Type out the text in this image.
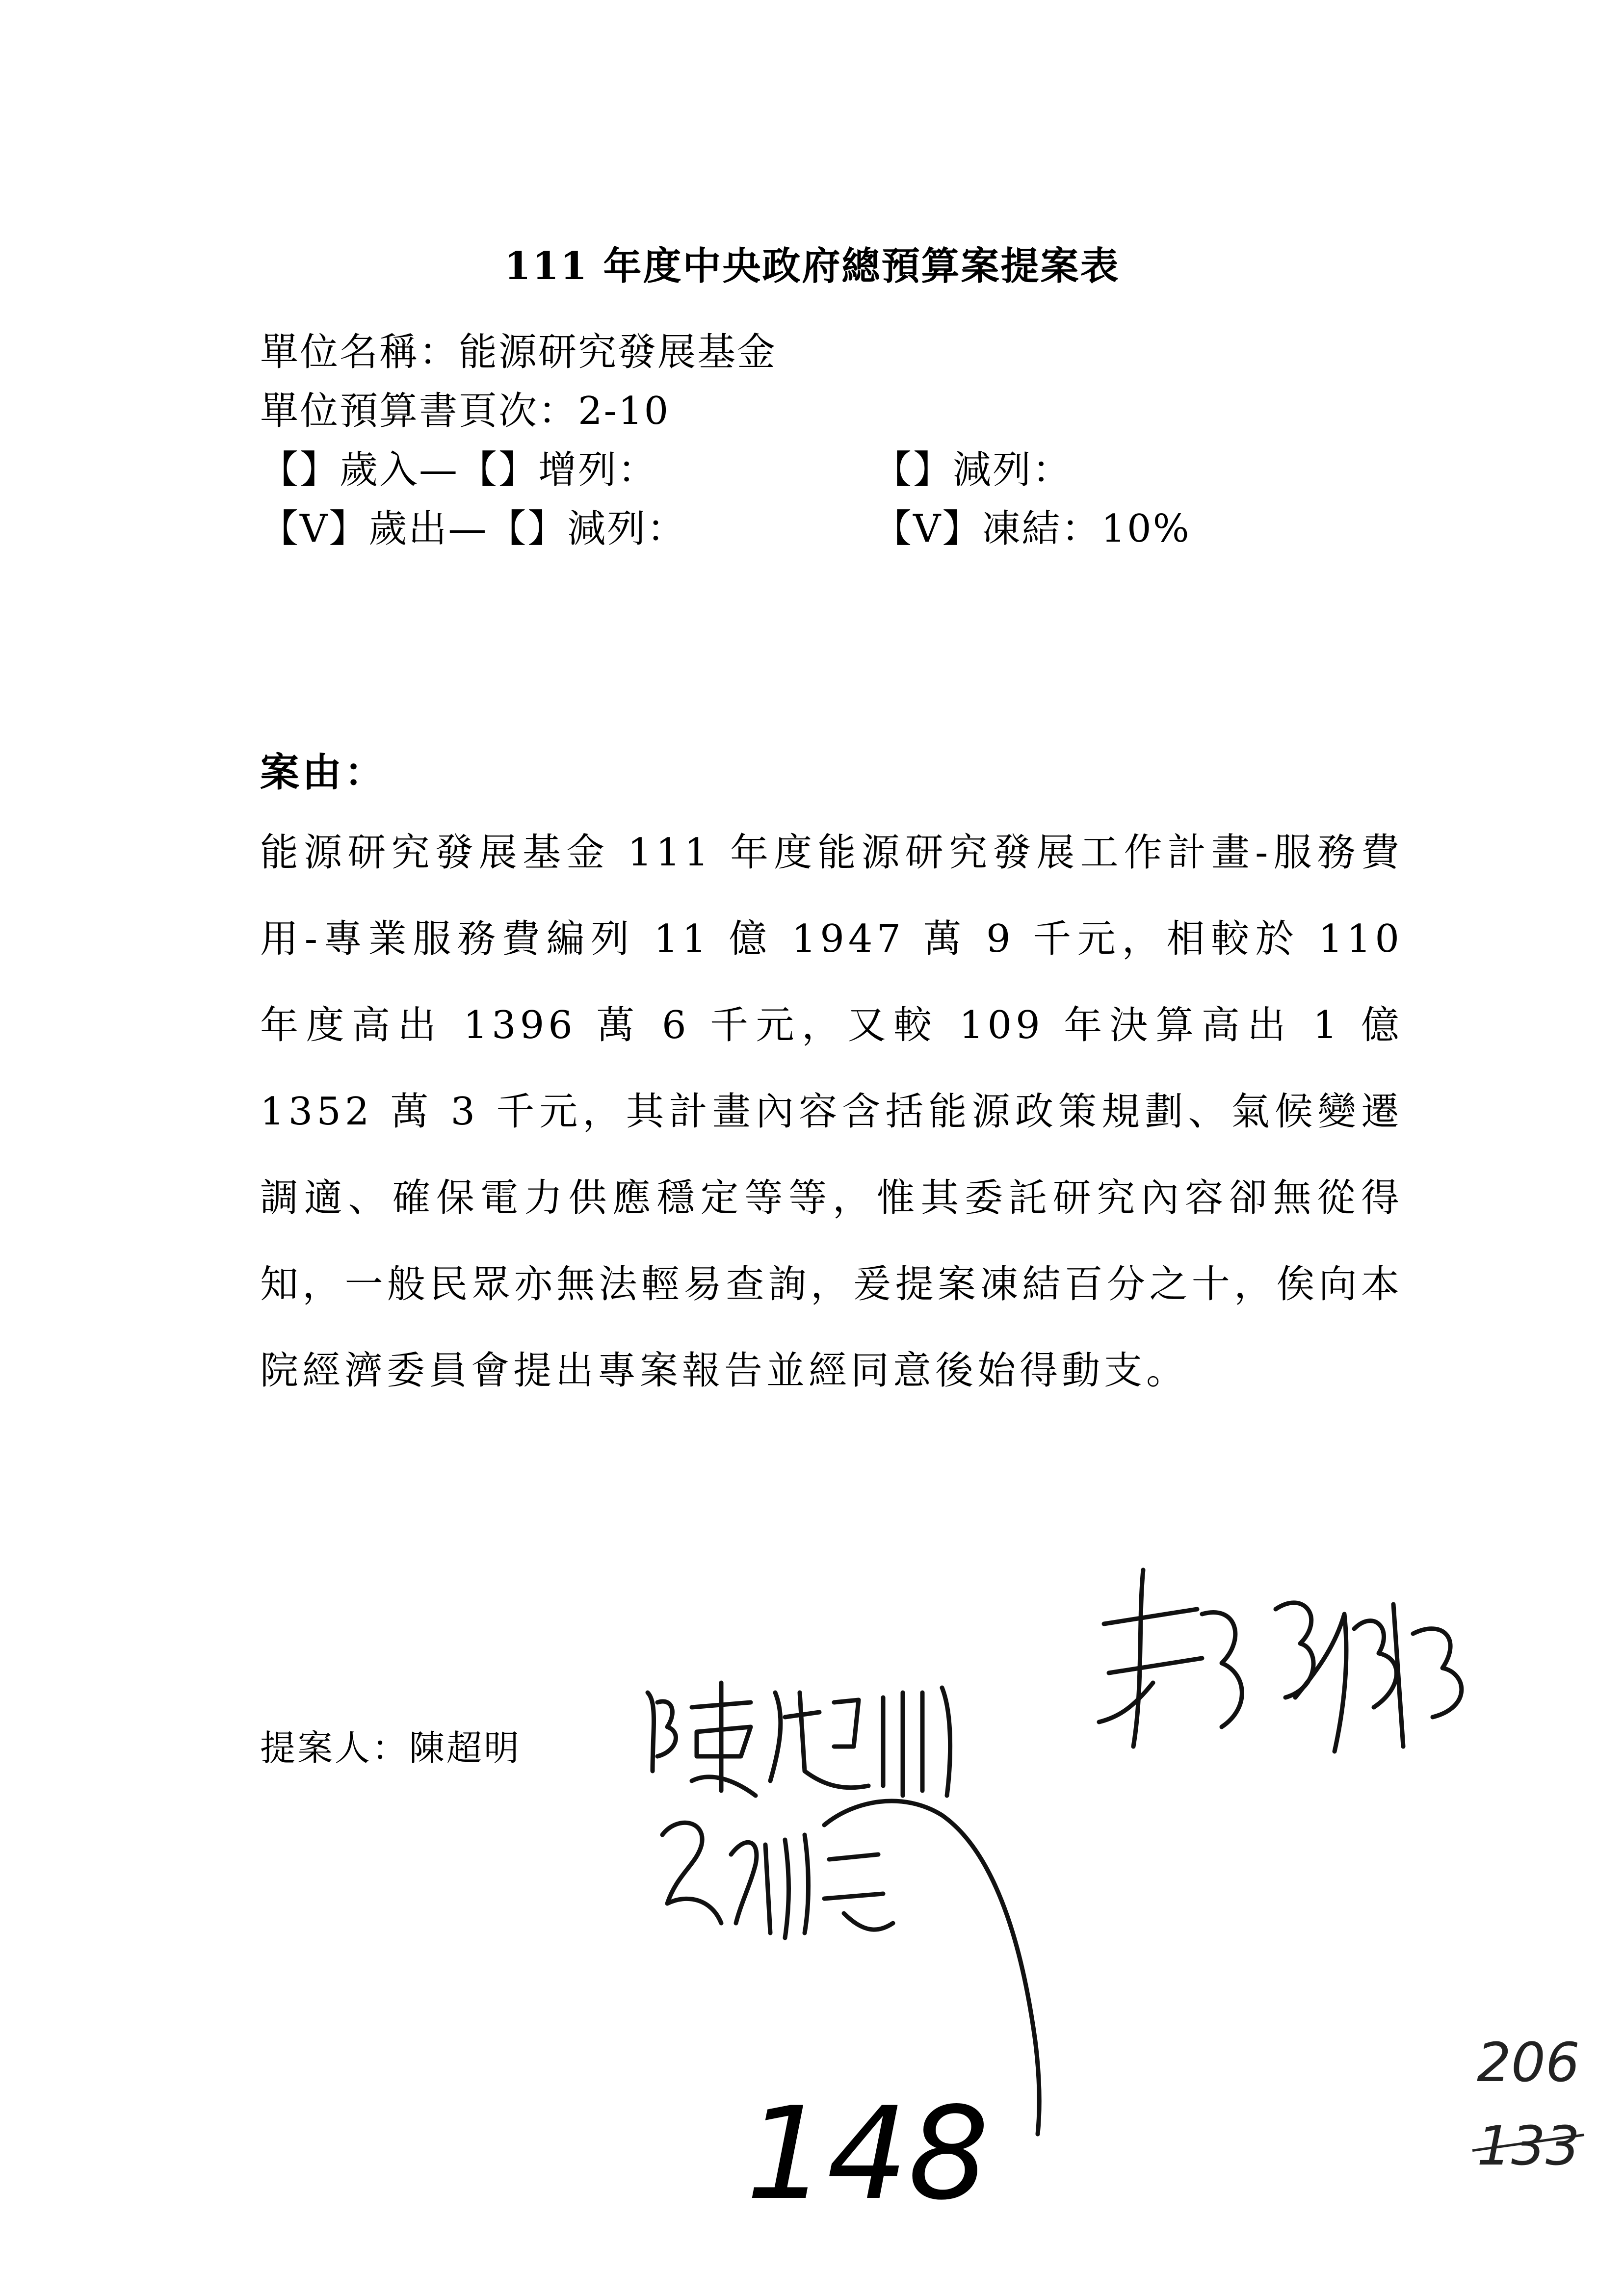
111 年度中央政府總預算案提案表
單位名稱：能源研究發展基金
單位預算書頁次：2-10
【】歲入—【】增列：	【】減列：
【V】歲出—【】減列：	【V】凍結：10%
案由：
能源研究發展基金 111 年度能源研究發展工作計畫-服務費用-專業服務費編列 11 億 1947 萬 9 千元，相較於 110 年度高出 1396 萬 6 千元，又較 109 年決算高出 1 億 1352 萬 3 千元，其計畫內容含括能源政策規劃、氣候變遷調適、確保電力供應穩定等等，惟其委託研究內容卻無從得知，一般民眾亦無法輕易查詢，爰提案凍結百分之十，俟向本院經濟委員會提出專案報告並經同意後始得動支。
提案人：陳超明
148
206
133
